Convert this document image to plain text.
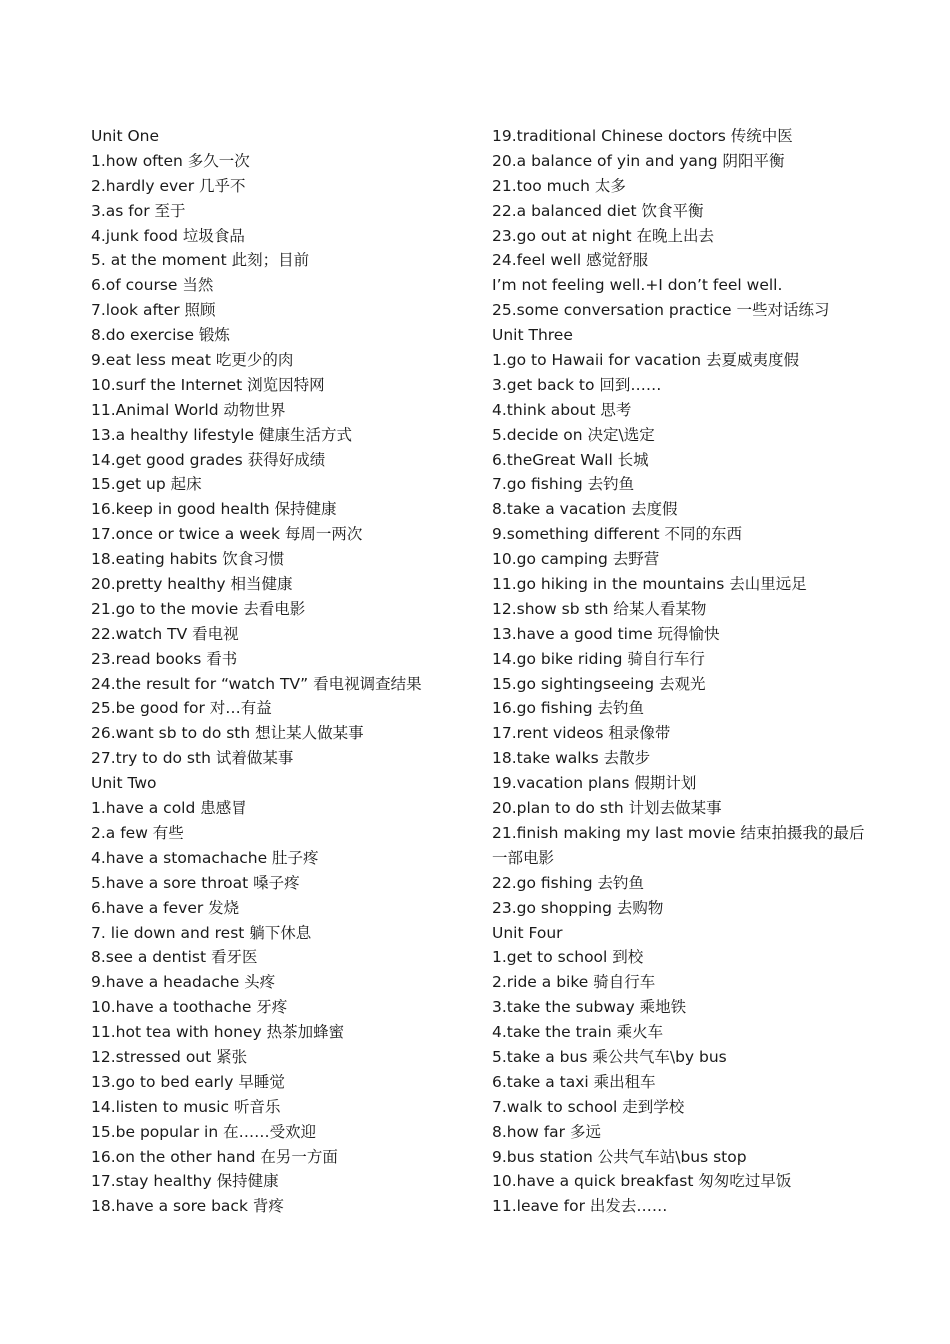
Unit One
1.how often 多久一次
2.hardly ever 几乎不
3.as for 至于
4.junk food 垃圾食品
5. at the moment 此刻；目前
6.of course 当然
7.look after 照顾
8.do exercise 锻炼
9.eat less meat 吃更少的肉
10.surf the Internet 浏览因特网
11.Animal World 动物世界
13.a healthy lifestyle 健康生活方式
14.get good grades 获得好成绩
15.get up 起床
16.keep in good health 保持健康
17.once or twice a week 每周一两次
18.eating habits 饮食习惯
20.pretty healthy 相当健康
21.go to the movie 去看电影
22.watch TV 看电视
23.read books 看书
24.the result for “watch TV” 看电视调查结果
25.be good for 对…有益
26.want sb to do sth 想让某人做某事
27.try to do sth 试着做某事
Unit Two
1.have a cold 患感冒
2.a few 有些
4.have a stomachache 肚子疼
5.have a sore throat 嗓子疼
6.have a fever 发烧
7. lie down and rest 躺下休息
8.see a dentist 看牙医
9.have a headache 头疼
10.have a toothache 牙疼
11.hot tea with honey 热茶加蜂蜜
12.stressed out 紧张
13.go to bed early 早睡觉
14.listen to music 听音乐
15.be popular in 在……受欢迎
16.on the other hand 在另一方面
17.stay healthy 保持健康
18.have a sore back 背疼
19.traditional Chinese doctors 传统中医
20.a balance of yin and yang 阴阳平衡
21.too much 太多
22.a balanced diet 饮食平衡
23.go out at night 在晚上出去
24.feel well 感觉舒服
I’m not feeling well.+I don’t feel well.
25.some conversation practice 一些对话练习
Unit Three
1.go to Hawaii for vacation 去夏威夷度假
3.get back to 回到……
4.think about 思考
5.decide on 决定\选定
6.theGreat Wall 长城
7.go fishing 去钓鱼
8.take a vacation 去度假
9.something different 不同的东西
10.go camping 去野营
11.go hiking in the mountains 去山里远足
12.show sb sth 给某人看某物
13.have a good time 玩得愉快
14.go bike riding 骑自行车行
15.go sightingseeing 去观光
16.go fishing 去钓鱼
17.rent videos 租录像带
18.take walks 去散步
19.vacation plans 假期计划
20.plan to do sth 计划去做某事
21.finish making my last movie 结束拍摄我的最后
一部电影
22.go fishing 去钓鱼
23.go shopping 去购物
Unit Four
1.get to school 到校
2.ride a bike 骑自行车
3.take the subway 乘地铁
4.take the train 乘火车
5.take a bus 乘公共气车\by bus
6.take a taxi 乘出租车
7.walk to school 走到学校
8.how far 多远
9.bus station 公共气车站\bus stop
10.have a quick breakfast 匆匆吃过早饭
11.leave for 出发去……
